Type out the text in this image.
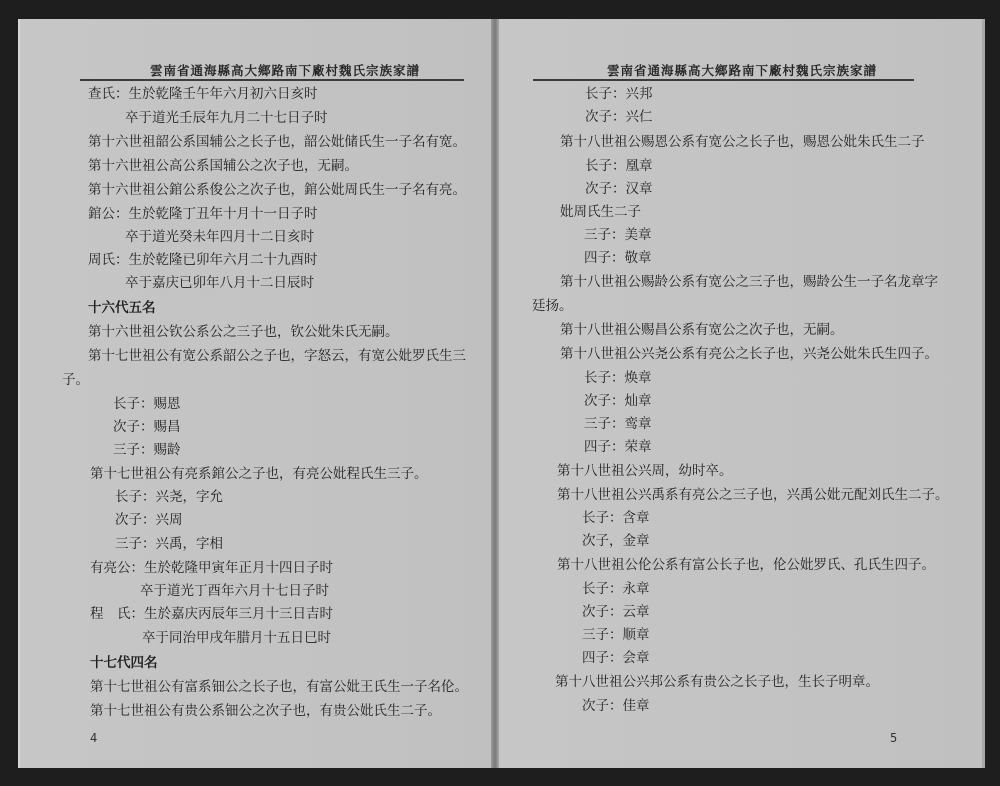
雲南省通海縣高大鄉路南下廠村魏氏宗族家譜
查氏：生於乾隆壬午年六月初六日亥时
卒于道光壬辰年九月二十七日子时
第十六世祖韶公系国辅公之长子也，韶公妣储氏生一子名有宽。
第十六世祖公高公系国辅公之次子也，无嗣。
第十六世祖公錧公系俊公之次子也，錧公妣周氏生一子名有亮。
錧公：生於乾隆丁丑年十月十一日子时
卒于道光癸未年四月十二日亥时
周氏：生於乾隆已卯年六月二十九酉时
卒于嘉庆已卯年八月十二日辰时
十六代五名
第十六世祖公钦公系公之三子也，钦公妣朱氏无嗣。
第十七世祖公有宽公系韶公之子也，字怒云，有宽公妣罗氏生三
子。
长子：赐恩
次子：赐昌
三子：赐龄
第十七世祖公有亮系錧公之子也，有亮公妣程氏生三子。
长子：兴尧，字允
次子：兴周
三子：兴禹，字相
有亮公：生於乾隆甲寅年正月十四日子时
卒于道光丁酉年六月十七日子时
程　氏：生於嘉庆丙辰年三月十三日吉时
卒于同治甲戌年腊月十五日巳时
十七代四名
第十七世祖公有富系钿公之长子也，有富公妣王氏生一子名伦。
第十七世祖公有贵公系钿公之次子也，有贵公妣氏生二子。
4
雲南省通海縣高大鄉路南下廠村魏氏宗族家譜
长子：兴邦
次子：兴仁
第十八世祖公赐恩公系有宽公之长子也，赐恩公妣朱氏生二子
长子：凰章
次子：汉章
妣周氏生二子
三子：美章
四子：敬章
第十八世祖公赐龄公系有宽公之三子也，赐龄公生一子名龙章字
廷扬。
第十八世祖公赐昌公系有宽公之次子也，无嗣。
第十八世祖公兴尧公系有亮公之长子也，兴尧公妣朱氏生四子。
长子：焕章
次子：灿章
三子：鸾章
四子：荣章
第十八世祖公兴周，幼时卒。
第十八世祖公兴禹系有亮公之三子也，兴禹公妣元配刘氏生二子。
长子：含章
次子，金章
第十八世祖公伦公系有富公长子也，伦公妣罗氏、孔氏生四子。
长子：永章
次子：云章
三子：顺章
四子：会章
第十八世祖公兴邦公系有贵公之长子也，生长子明章。
次子：佳章
5
